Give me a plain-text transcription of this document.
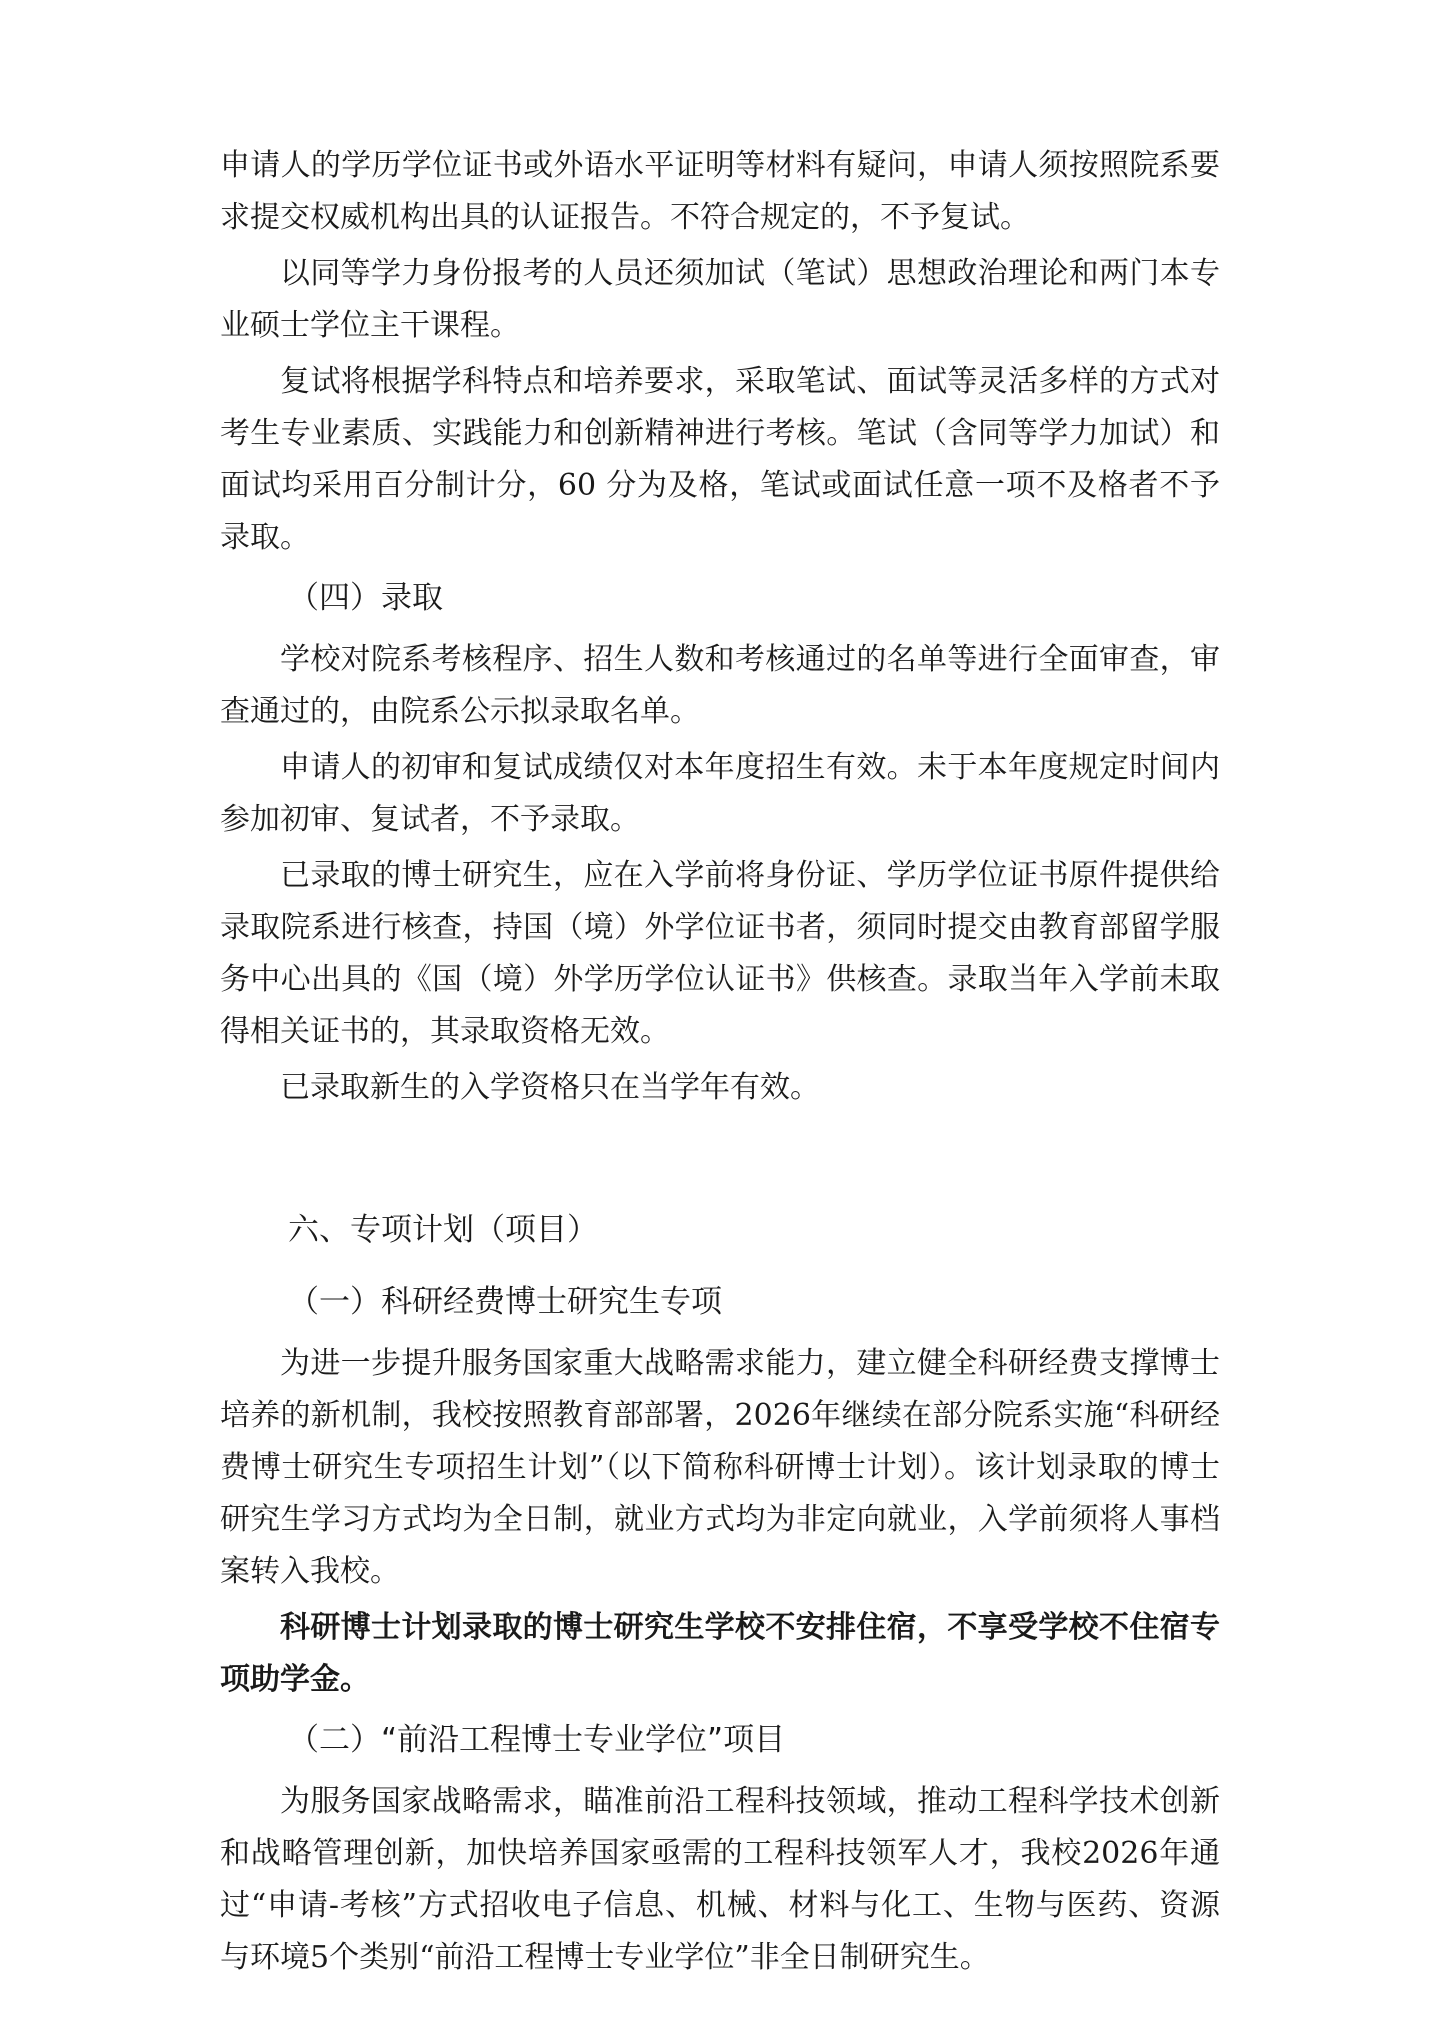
申请人的学历学位证书或外语水平证明等材料有疑问，申请人须按照院系要求提交权威机构出具的认证报告。不符合规定的，不予复试。

以同等学力身份报考的人员还须加试（笔试）思想政治理论和两门本专业硕士学位主干课程。

复试将根据学科特点和培养要求，采取笔试、面试等灵活多样的方式对考生专业素质、实践能力和创新精神进行考核。笔试（含同等学力加试）和面试均采用百分制计分，60 分为及格，笔试或面试任意一项不及格者不予录取。

（四）录取

学校对院系考核程序、招生人数和考核通过的名单等进行全面审查，审查通过的，由院系公示拟录取名单。

申请人的初审和复试成绩仅对本年度招生有效。未于本年度规定时间内参加初审、复试者，不予录取。

已录取的博士研究生，应在入学前将身份证、学历学位证书原件提供给录取院系进行核查，持国（境）外学位证书者，须同时提交由教育部留学服务中心出具的《国（境）外学历学位认证书》供核查。录取当年入学前未取得相关证书的，其录取资格无效。

已录取新生的入学资格只在当学年有效。

六、专项计划（项目）
（一）科研经费博士研究生专项

为进一步提升服务国家重大战略需求能力，建立健全科研经费支撑博士培养的新机制，我校按照教育部部署，2026年继续在部分院系实施“科研经费博士研究生专项招生计划”（以下简称科研博士计划）。该计划录取的博士研究生学习方式均为全日制，就业方式均为非定向就业，入学前须将人事档案转入我校。

科研博士计划录取的博士研究生学校不安排住宿，不享受学校不住宿专项助学金。

（二）“前沿工程博士专业学位”项目

为服务国家战略需求，瞄准前沿工程科技领域，推动工程科学技术创新和战略管理创新，加快培养国家亟需的工程科技领军人才，我校2026年通过“申请-考核”方式招收电子信息、机械、材料与化工、生物与医药、资源与环境5个类别“前沿工程博士专业学位”非全日制研究生。
